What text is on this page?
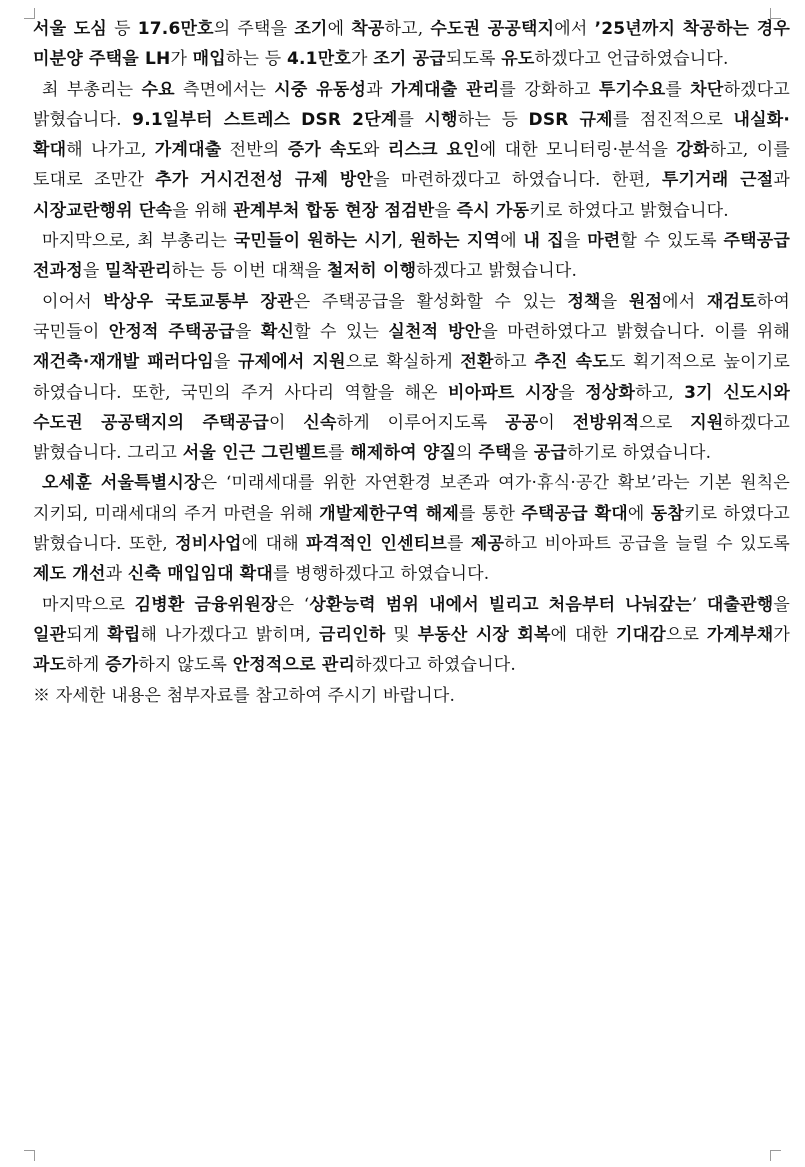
서울 도심 등 17.6만호의 주택을 조기에 착공하고, 수도권 공공택지에서 ’25년까지 착공하는 경우 미분양 주택을 LH가 매입하는 등 4.1만호가 조기 공급되도록 유도하겠다고 언급하였습니다.

최 부총리는 수요 측면에서는 시중 유동성과 가계대출 관리를 강화하고 투기수요를 차단하겠다고 밝혔습니다. 9.1일부터 스트레스 DSR 2단계를 시행하는 등 DSR 규제를 점진적으로 내실화·확대해 나가고, 가계대출 전반의 증가 속도와 리스크 요인에 대한 모니터링·분석을 강화하고, 이를 토대로 조만간 추가 거시건전성 규제 방안을 마련하겠다고 하였습니다. 한편, 투기거래 근절과 시장교란행위 단속을 위해 관계부처 합동 현장 점검반을 즉시 가동키로 하였다고 밝혔습니다.

마지막으로, 최 부총리는 국민들이 원하는 시기, 원하는 지역에 내 집을 마련할 수 있도록 주택공급 전과정을 밀착관리하는 등 이번 대책을 철저히 이행하겠다고 밝혔습니다.

이어서 박상우 국토교통부 장관은 주택공급을 활성화할 수 있는 정책을 원점에서 재검토하여 국민들이 안정적 주택공급을 확신할 수 있는 실천적 방안을 마련하였다고 밝혔습니다. 이를 위해 재건축·재개발 패러다임을 규제에서 지원으로 확실하게 전환하고 추진 속도도 획기적으로 높이기로 하였습니다. 또한, 국민의 주거 사다리 역할을 해온 비아파트 시장을 정상화하고, 3기 신도시와 수도권 공공택지의 주택공급이 신속하게 이루어지도록 공공이 전방위적으로 지원하겠다고 밝혔습니다. 그리고 서울 인근 그린벨트를 해제하여 양질의 주택을 공급하기로 하였습니다.

오세훈 서울특별시장은 ‘미래세대를 위한 자연환경 보존과 여가·휴식·공간 확보’라는 기본 원칙은 지키되, 미래세대의 주거 마련을 위해 개발제한구역 해제를 통한 주택공급 확대에 동참키로 하였다고 밝혔습니다. 또한, 정비사업에 대해 파격적인 인센티브를 제공하고 비아파트 공급을 늘릴 수 있도록 제도 개선과 신축 매입임대 확대를 병행하겠다고 하였습니다.

마지막으로 김병환 금융위원장은 ‘상환능력 범위 내에서 빌리고 처음부터 나눠갚는’ 대출관행을 일관되게 확립해 나가겠다고 밝히며, 금리인하 및 부동산 시장 회복에 대한 기대감으로 가계부채가 과도하게 증가하지 않도록 안정적으로 관리하겠다고 하였습니다.

※ 자세한 내용은 첨부자료를 참고하여 주시기 바랍니다.
